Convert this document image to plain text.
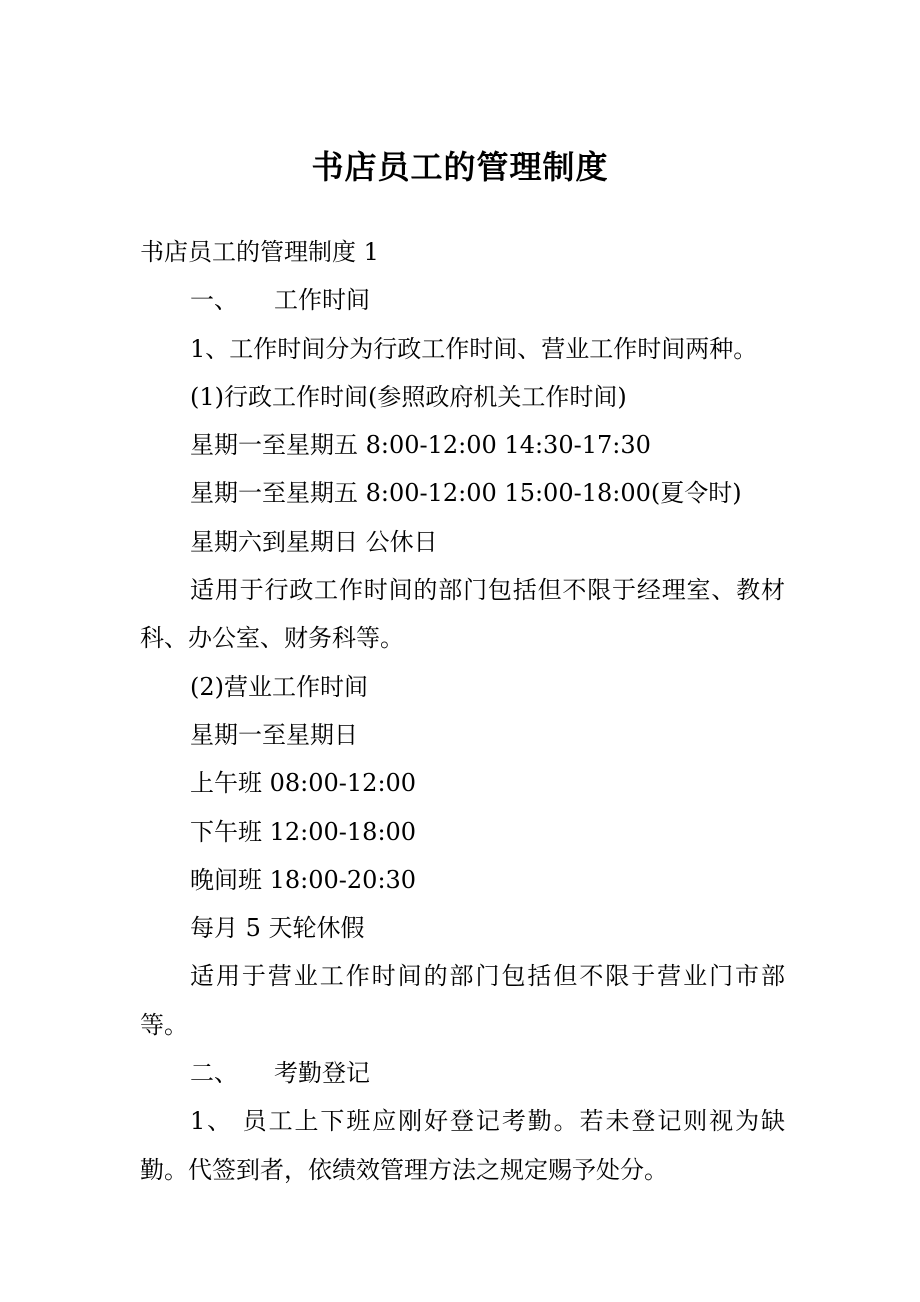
书店员工的管理制度
书店员工的管理制度 1
一、 工作时间
1、工作时间分为行政工作时间、营业工作时间两种。
(1)行政工作时间(参照政府机关工作时间)
星期一至星期五 8:00-12:00 14:30-17:30
星期一至星期五 8:00-12:00 15:00-18:00(夏令时)
星期六到星期日 公休日
适用于行政工作时间的部门包括但不限于经理室、教材科、办公室、财务科等。
(2)营业工作时间
星期一至星期日
上午班 08:00-12:00
下午班 12:00-18:00
晚间班 18:00-20:30
每月 5 天轮休假
适用于营业工作时间的部门包括但不限于营业门市部等。
二、 考勤登记
1、 员工上下班应刚好登记考勤。若未登记则视为缺勤。代签到者，依绩效管理方法之规定赐予处分。
